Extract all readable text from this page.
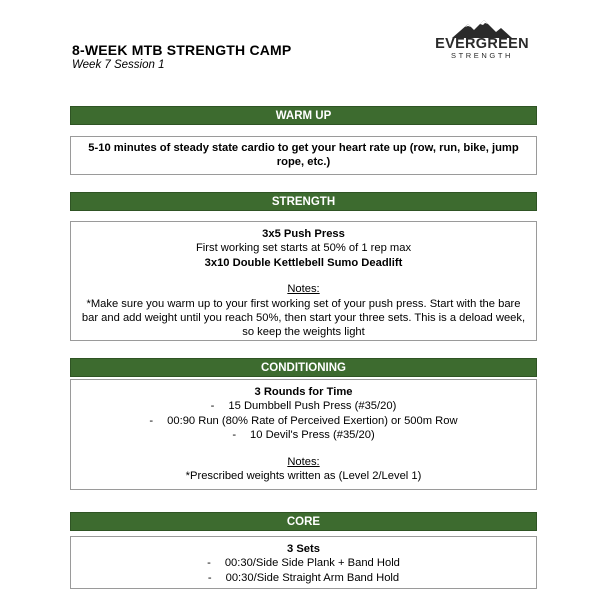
8-WEEK MTB STRENGTH CAMP
Week 7 Session 1
EVERGREEN
STRENGTH
WARM UP
5-10 minutes of steady state cardio to get your heart rate up (row, run, bike, jump rope, etc.)
STRENGTH
3x5 Push Press
First working set starts at 50% of 1 rep max
3x10 Double Kettlebell Sumo Deadlift
Notes:
*Make sure you warm up to your first working set of your push press. Start with the bare bar and add weight until you reach 50%, then start your three sets. This is a deload week, so keep the weights light
CONDITIONING
3 Rounds for Time
- 15 Dumbbell Push Press (#35/20)
- 00:90 Run (80% Rate of Perceived Exertion) or 500m Row
- 10 Devil's Press (#35/20)
Notes:
*Prescribed weights written as (Level 2/Level 1)
CORE
3 Sets
- 00:30/Side Side Plank + Band Hold
- 00:30/Side Straight Arm Band Hold
